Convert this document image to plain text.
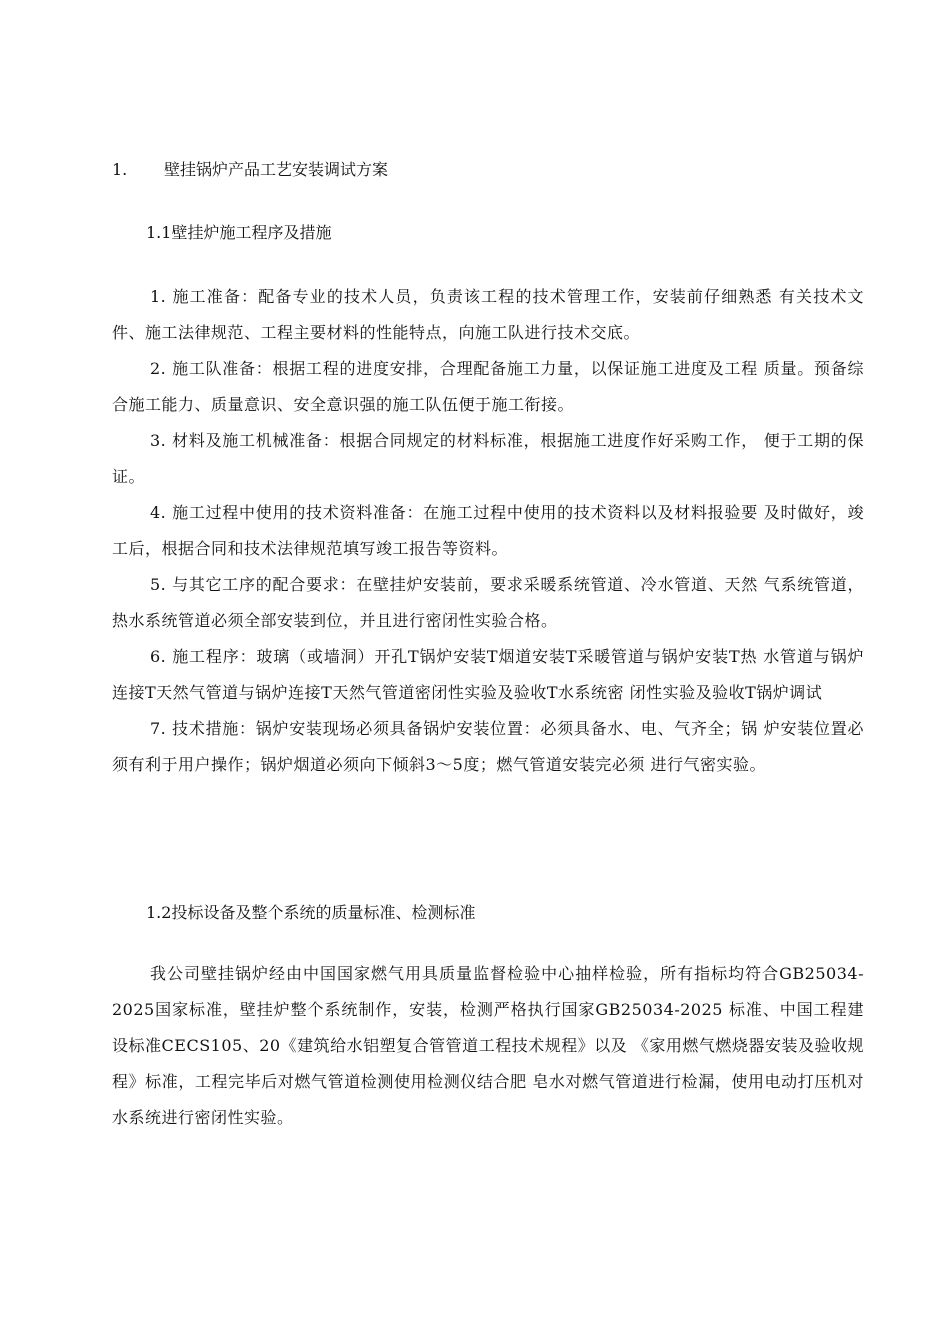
1. 壁挂锅炉产品工艺安装调试方案
1.1壁挂炉施工程序及措施

1. 施工准备：配备专业的技术人员，负责该工程的技术管理工作，安装前仔细熟悉 有关技术文件、施工法律规范、工程主要材料的性能特点，向施工队进行技术交底。

2. 施工队准备：根据工程的进度安排，合理配备施工力量，以保证施工进度及工程 质量。预备综合施工能力、质量意识、安全意识强的施工队伍便于施工衔接。

3. 材料及施工机械准备：根据合同规定的材料标准，根据施工进度作好采购工作， 便于工期的保证。

4. 施工过程中使用的技术资料准备：在施工过程中使用的技术资料以及材料报验要 及时做好，竣工后，根据合同和技术法律规范填写竣工报告等资料。

5. 与其它工序的配合要求：在壁挂炉安装前，要求采暖系统管道、冷水管道、天然 气系统管道，热水系统管道必须全部安装到位，并且进行密闭性实验合格。

6. 施工程序：玻璃（或墙洞）开孔T锅炉安装T烟道安装T采暖管道与锅炉安装T热 水管道与锅炉连接T天然气管道与锅炉连接T天然气管道密闭性实验及验收T水系统密 闭性实验及验收T锅炉调试

7. 技术措施：锅炉安装现场必须具备锅炉安装位置：必须具备水、电、气齐全；锅 炉安装位置必须有利于用户操作；锅炉烟道必须向下倾斜3〜5度；燃气管道安装完必须 进行气密实验。

1.2投标设备及整个系统的质量标准、检测标准

我公司壁挂锅炉经由中国国家燃气用具质量监督检验中心抽样检验，所有指标均符合GB25034-2025国家标准，壁挂炉整个系统制作，安装，检测严格执行国家GB25034-2025 标准、中国工程建设标准CECS105、20《建筑给水铝塑复合管管道工程技术规程》以及 《家用燃气燃烧器安装及验收规程》标准，工程完毕后对燃气管道检测使用检测仪结合肥 皂水对燃气管道进行检漏，使用电动打压机对水系统进行密闭性实验。
